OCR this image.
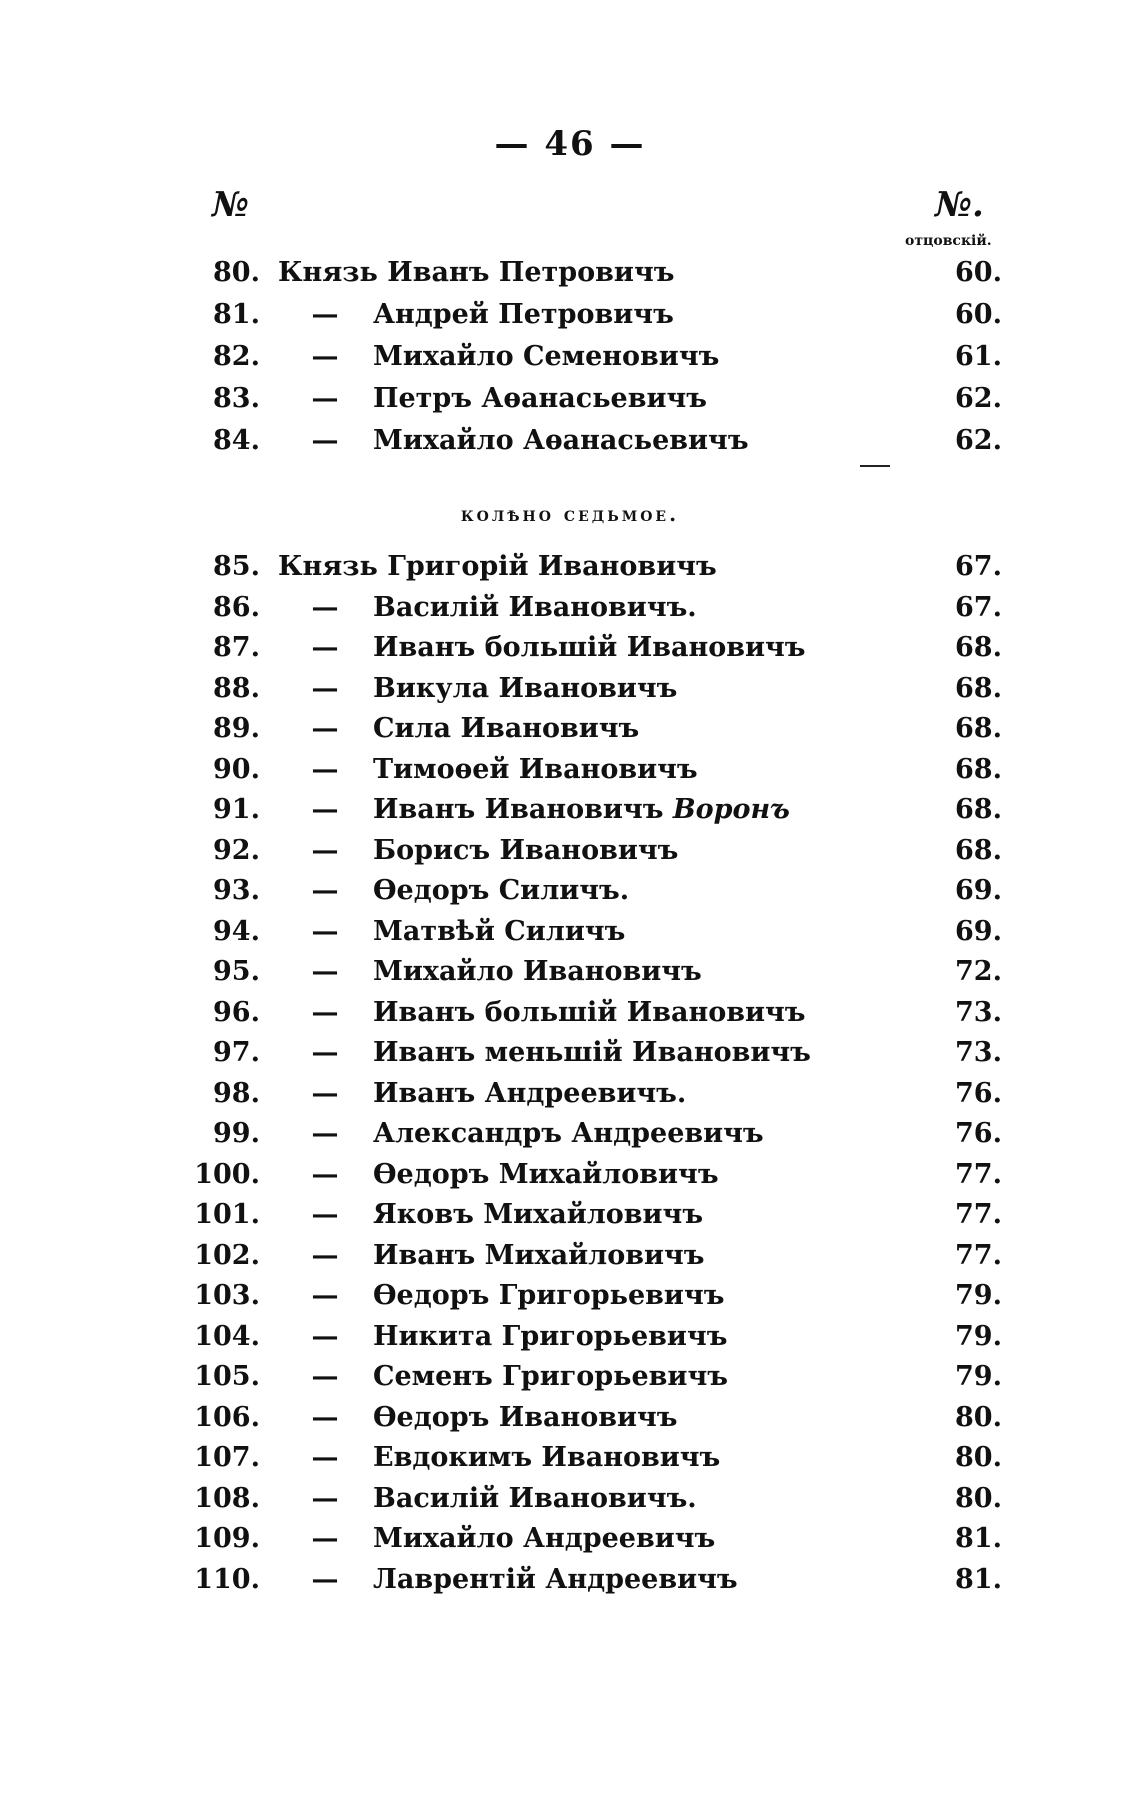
— 46 —
№	№.
отцовскій.
80. Князь Иванъ Петровичъ	60.
81.	—	Андрей Петровичъ	60.
82.	—	Михайло Семеновичъ	61.
83.	—	Петръ Аѳанасьевичъ	62.
84.	—	Михайло Аѳанасьевичъ	62.
колѣно седьмое.
85. Князь Григорій Ивановичъ	67.
86.	—	Василій Ивановичъ.	67.
87.	—	Иванъ большій Ивановичъ	68.
88.	—	Викула Ивановичъ	68.
89.	—	Сила Ивановичъ	68.
90.	—	Тимоѳей Ивановичъ	68.
91.	—	Иванъ Ивановичъ Воронъ	68.
92.	—	Борисъ Ивановичъ	68.
93.	—	Ѳедоръ Силичъ.	69.
94.	—	Матвѣй Силичъ	69.
95.	—	Михайло Ивановичъ	72.
96.	—	Иванъ большій Ивановичъ	73.
97.	—	Иванъ меньшій Ивановичъ	73.
98.	—	Иванъ Андреевичъ.	76.
99.	—	Александръ Андреевичъ	76.
100.	—	Ѳедоръ Михайловичъ	77.
101.	—	Яковъ Михайловичъ	77.
102.	—	Иванъ Михайловичъ	77.
103.	—	Ѳедоръ Григорьевичъ	79.
104.	—	Никита Григорьевичъ	79.
105.	—	Семенъ Григорьевичъ	79.
106.	—	Ѳедоръ Ивановичъ	80.
107.	—	Евдокимъ Ивановичъ	80.
108.	—	Василій Ивановичъ.	80.
109.	—	Михайло Андреевичъ	81.
110.	—	Лаврентій Андреевичъ	81.
